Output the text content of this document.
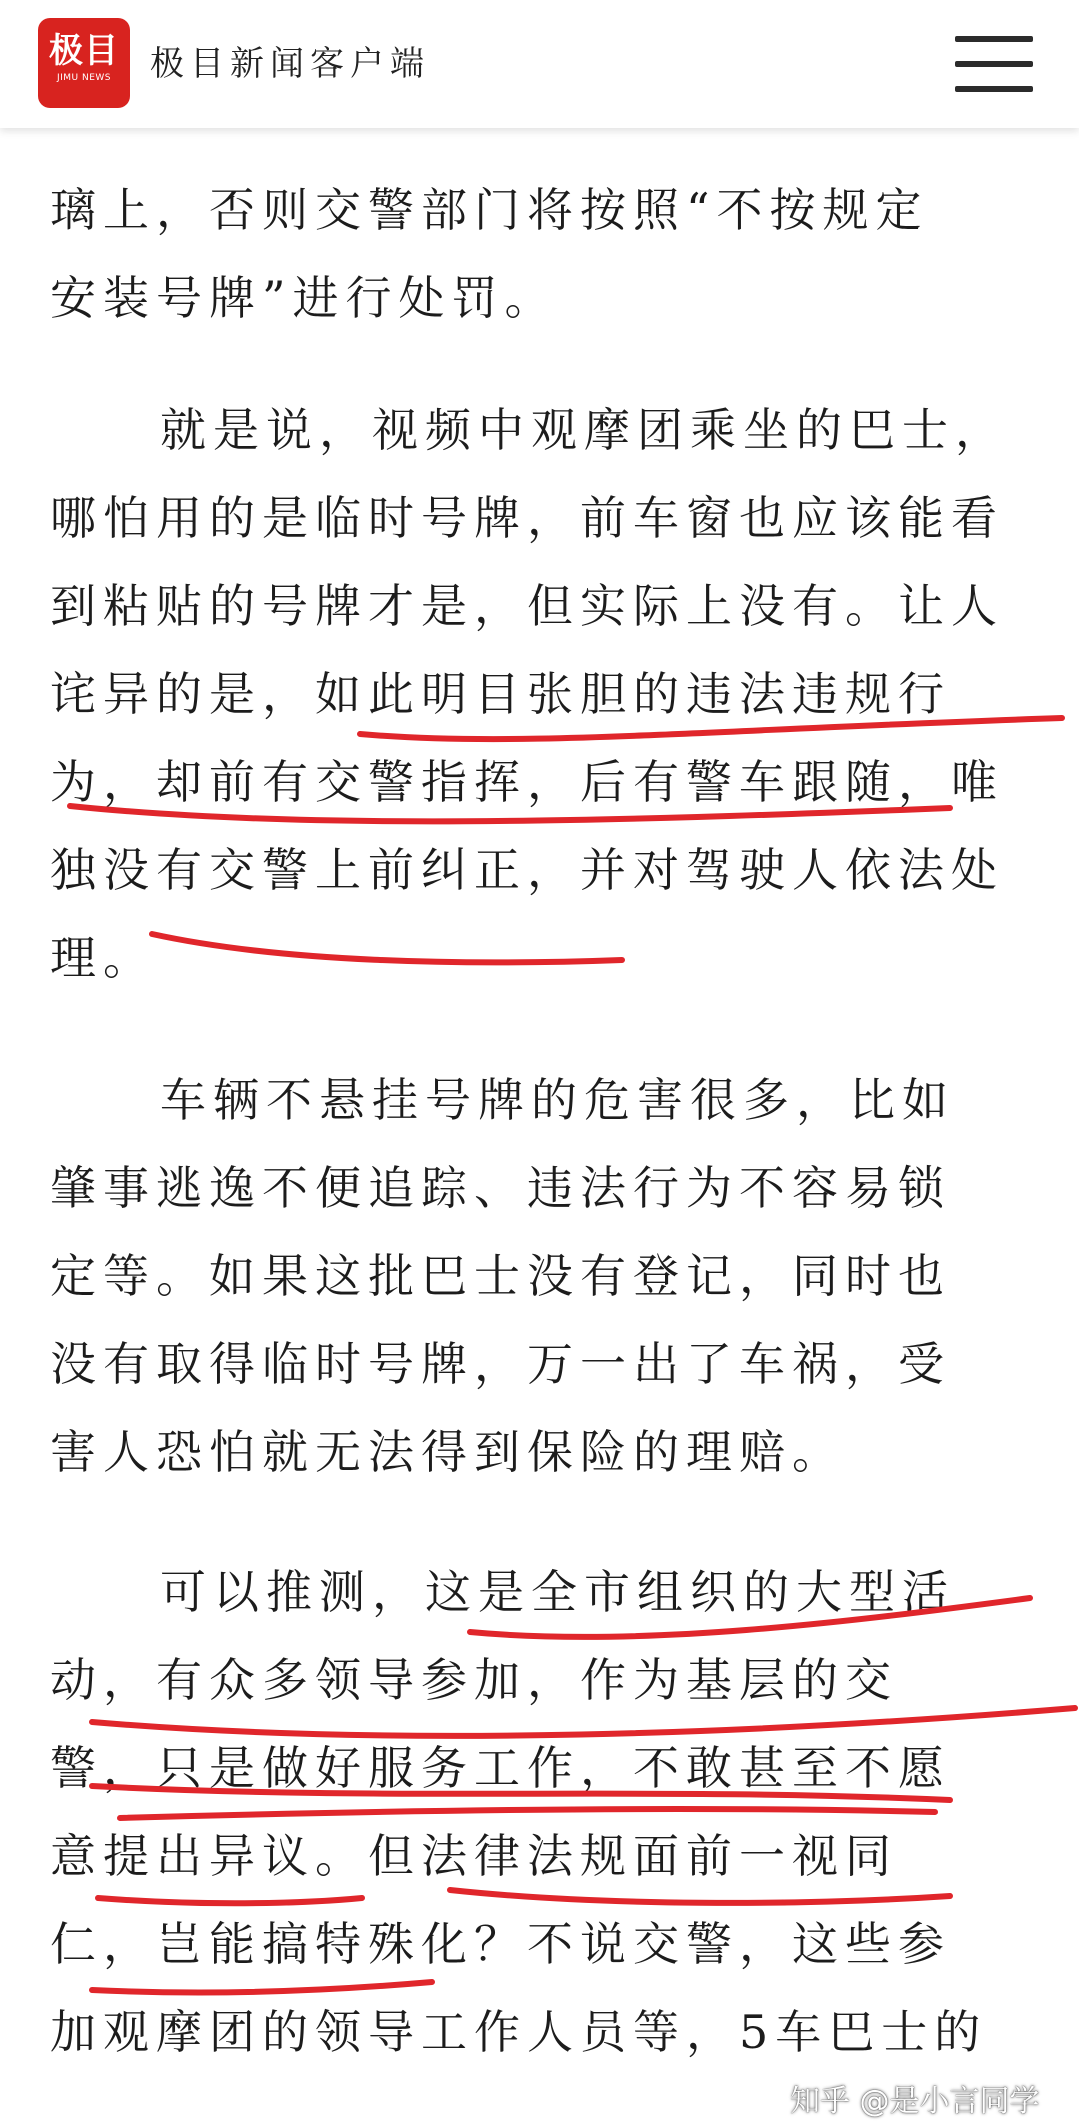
璃上，否则交警部门将按照“不按规定
安装号牌”进行处罚。
就是说，视频中观摩团乘坐的巴士，
哪怕用的是临时号牌，前车窗也应该能看
到粘贴的号牌才是，但实际上没有。让人
诧异的是，如此明目张胆的违法违规行
为，却前有交警指挥，后有警车跟随，唯
独没有交警上前纠正，并对驾驶人依法处
理。
车辆不悬挂号牌的危害很多，比如
肇事逃逸不便追踪、违法行为不容易锁
定等。如果这批巴士没有登记，同时也
没有取得临时号牌，万一出了车祸，受
害人恐怕就无法得到保险的理赔。
可以推测，这是全市组织的大型活
动，有众多领导参加，作为基层的交
警，只是做好服务工作，不敢甚至不愿
意提出异议。但法律法规面前一视同
仁，岂能搞特殊化？不说交警，这些参
加观摩团的领导工作人员等，5车巴士的
极目
JIMU NEWS	极目新闻客户端
知乎 @是小言同学
